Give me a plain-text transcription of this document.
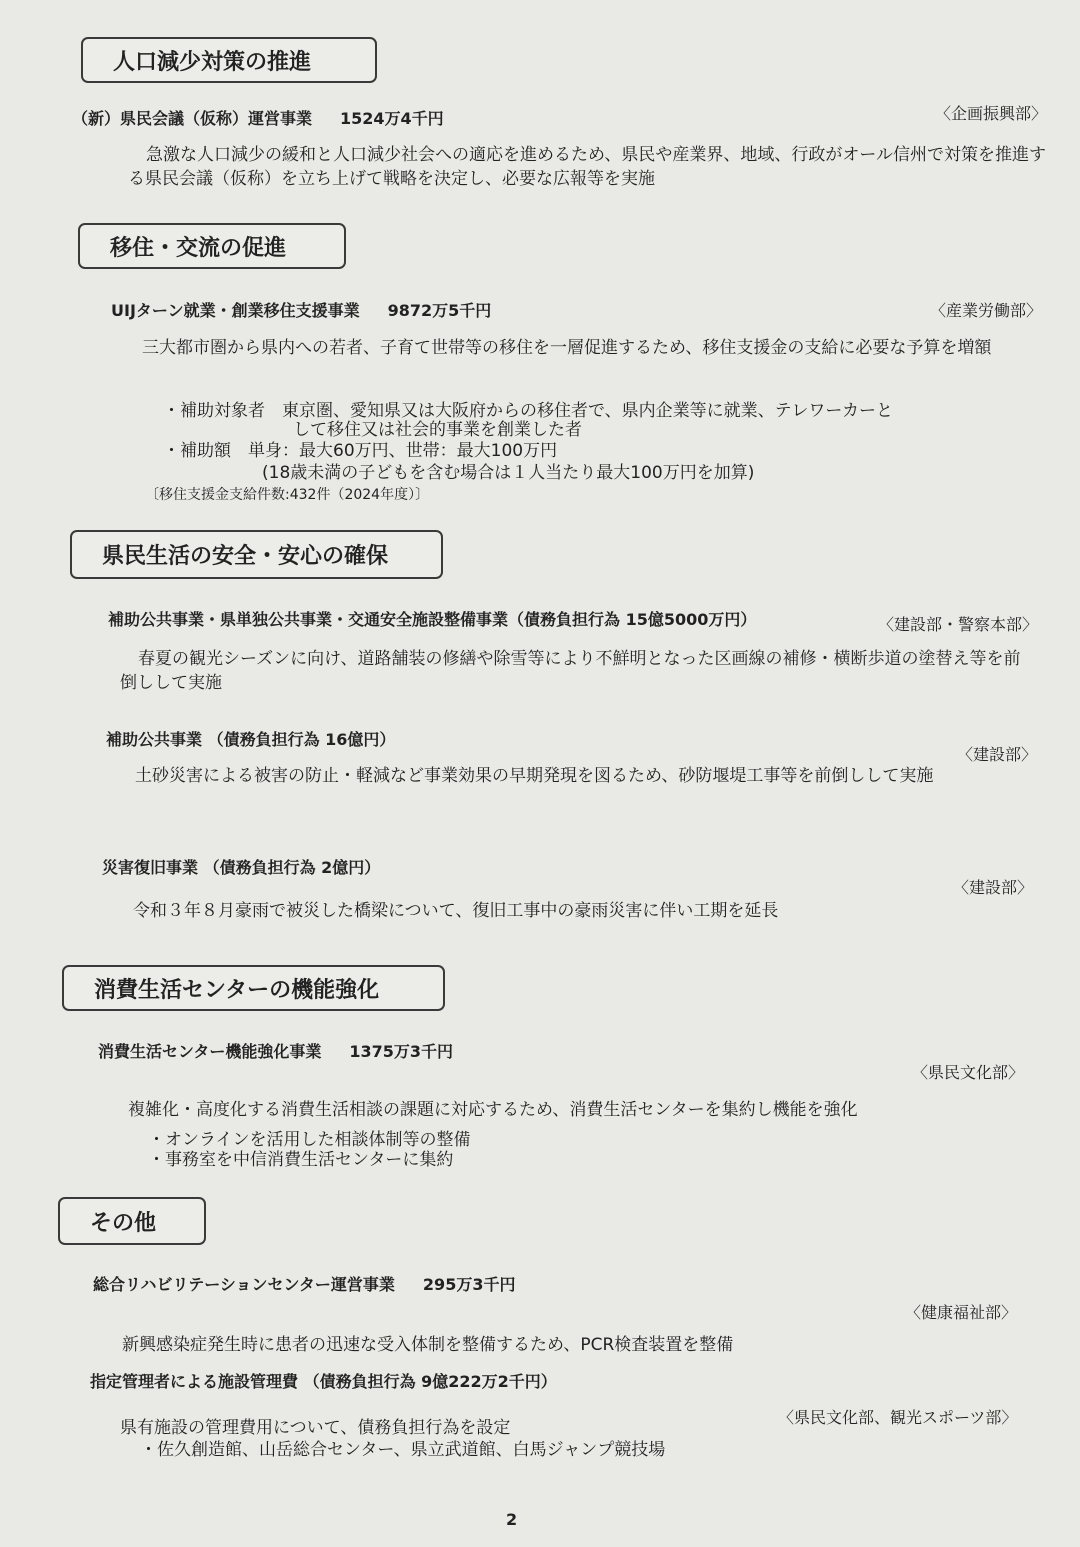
人口減少対策の推進
（新）県民会議（仮称）運営事業 1524万4千円	〈企画振興部〉
急激な人口減少の緩和と人口減少社会への適応を進めるため、県民や産業界、地域、行政がオール信州で対策を推進する県民会議（仮称）を立ち上げて戦略を決定し、必要な広報等を実施
移住・交流の促進
UIJターン就業・創業移住支援事業 9872万5千円	〈産業労働部〉
三大都市圏から県内への若者、子育て世帯等の移住を一層促進するため、移住支援金の支給に必要な予算を増額
・補助対象者　東京圏、愛知県又は大阪府からの移住者で、県内企業等に就業、テレワーカーと
して移住又は社会的事業を創業した者
・補助額　単身：最大60万円、世帯：最大100万円
(18歳未満の子どもを含む場合は１人当たり最大100万円を加算)
〔移住支援金支給件数:432件（2024年度）〕
県民生活の安全・安心の確保
補助公共事業・県単独公共事業・交通安全施設整備事業（債務負担行為 15億5000万円）	〈建設部・警察本部〉
春夏の観光シーズンに向け、道路舗装の修繕や除雪等により不鮮明となった区画線の補修・横断歩道の塗替え等を前倒しして実施
補助公共事業 （債務負担行為 16億円）
〈建設部〉
土砂災害による被害の防止・軽減など事業効果の早期発現を図るため、砂防堰堤工事等を前倒しして実施
災害復旧事業 （債務負担行為 2億円）
〈建設部〉
令和３年８月豪雨で被災した橋梁について、復旧工事中の豪雨災害に伴い工期を延長
消費生活センターの機能強化
消費生活センター機能強化事業 1375万3千円
〈県民文化部〉
複雑化・高度化する消費生活相談の課題に対応するため、消費生活センターを集約し機能を強化
・オンラインを活用した相談体制等の整備
・事務室を中信消費生活センターに集約
その他
総合リハビリテーションセンター運営事業 295万3千円
〈健康福祉部〉
新興感染症発生時に患者の迅速な受入体制を整備するため、PCR検査装置を整備
指定管理者による施設管理費 （債務負担行為 9億222万2千円）
〈県民文化部、観光スポーツ部〉
県有施設の管理費用について、債務負担行為を設定
・佐久創造館、山岳総合センター、県立武道館、白馬ジャンプ競技場
2
